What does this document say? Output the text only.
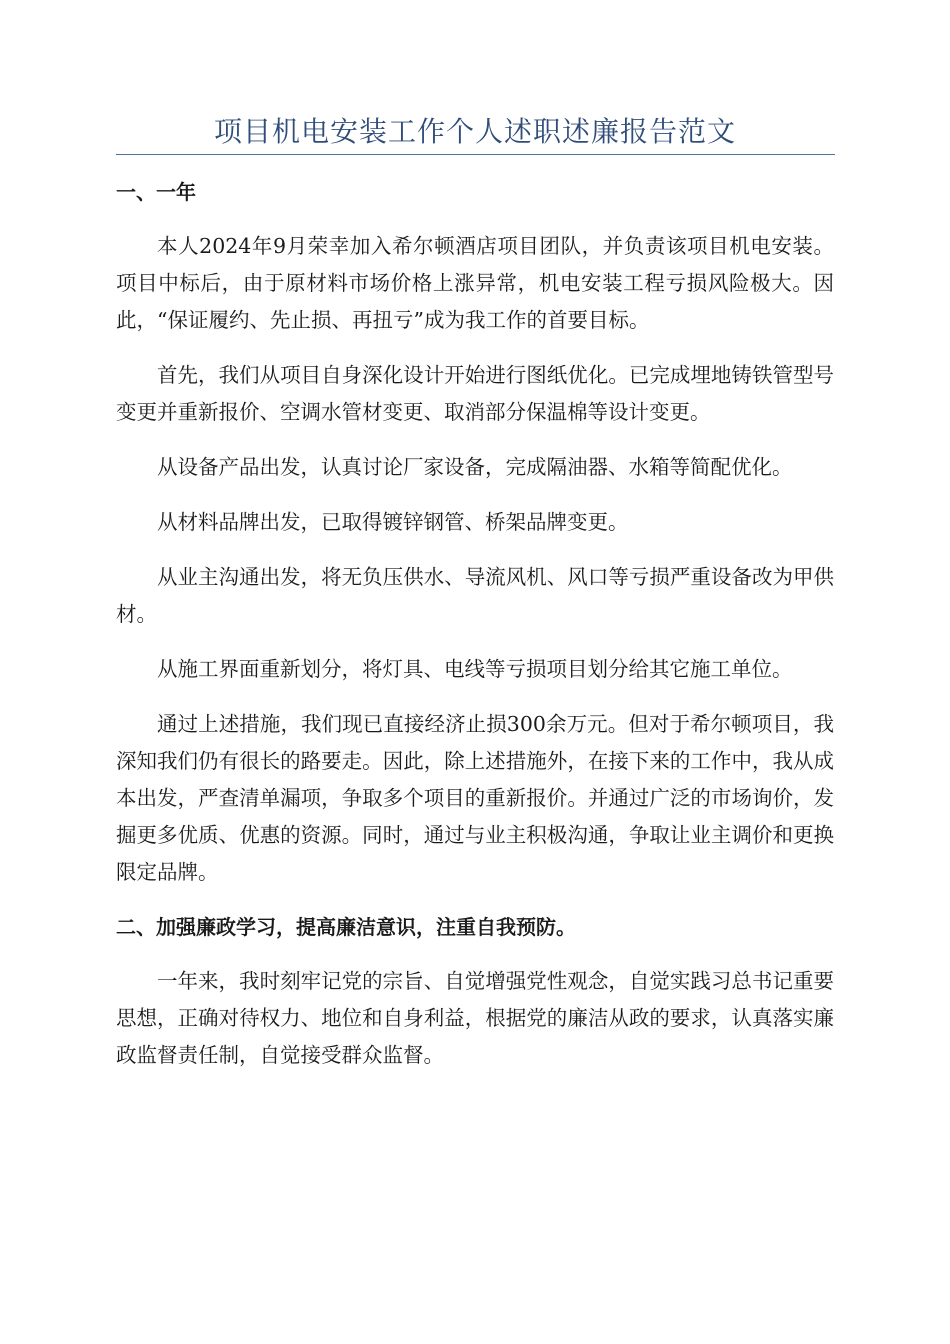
项目机电安装工作个人述职述廉报告范文
一、一年

本人2024年9月荣幸加入希尔顿酒店项目团队，并负责该项目机电安装。项目中标后，由于原材料市场价格上涨异常，机电安装工程亏损风险极大。因此，“保证履约、先止损、再扭亏”成为我工作的首要目标。

首先，我们从项目自身深化设计开始进行图纸优化。已完成埋地铸铁管型号变更并重新报价、空调水管材变更、取消部分保温棉等设计变更。

从设备产品出发，认真讨论厂家设备，完成隔油器、水箱等简配优化。

从材料品牌出发，已取得镀锌钢管、桥架品牌变更。

从业主沟通出发，将无负压供水、导流风机、风口等亏损严重设备改为甲供材。

从施工界面重新划分，将灯具、电线等亏损项目划分给其它施工单位。

通过上述措施，我们现已直接经济止损300余万元。但对于希尔顿项目，我深知我们仍有很长的路要走。因此，除上述措施外，在接下来的工作中，我从成本出发，严查清单漏项，争取多个项目的重新报价。并通过广泛的市场询价，发掘更多优质、优惠的资源。同时，通过与业主积极沟通，争取让业主调价和更换限定品牌。

二、加强廉政学习，提高廉洁意识，注重自我预防。

一年来，我时刻牢记党的宗旨、自觉增强党性观念，自觉实践习总书记重要思想，正确对待权力、地位和自身利益，根据党的廉洁从政的要求，认真落实廉政监督责任制，自觉接受群众监督。
